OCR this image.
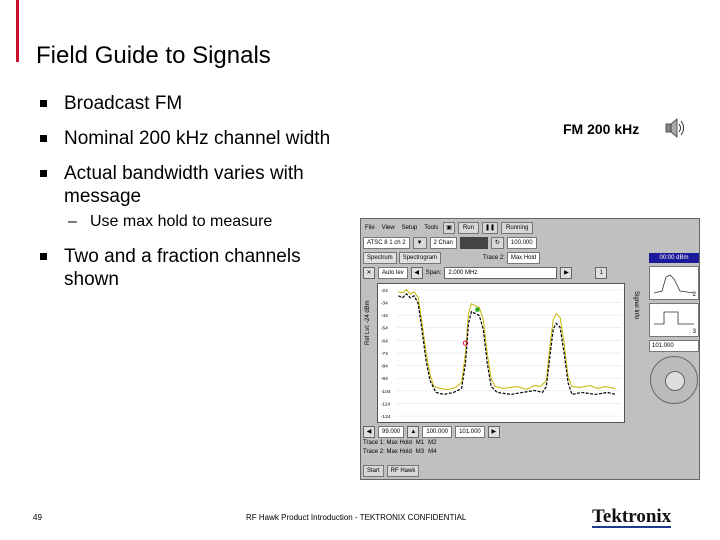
Field Guide to Signals
Broadcast FM
Nominal 200 kHz channel width
Actual bandwidth varies with message
– Use max hold to measure
Two and a fraction channels shown
FM 200 kHz
File	View	Setup	Tools	▣	Run	❚❚	Running
ATSC 8 1 ch 2	▼	2 Chan	↻	100.000
Spectrum	Spectrogram	Trace 2:	Max Hold
✕	Auto lev	◀	Span:	2.000 MHz	▶	1
Ref Lvl: -24 dBm
-24
-34
-44
-54
-64
-74
-84
-94
-104
-114
-124
Signal Info
◀	99.000	▲	100.000	101.000	▶
Trace 1: Max Hold M1 M2
Trace 2: Max Hold M3 M4
Start	RF Hawk
00:00 dBm
2
3
101.000
49	RF Hawk Product Introduction - TEKTRONIX CONFIDENTIAL	Tektronix
